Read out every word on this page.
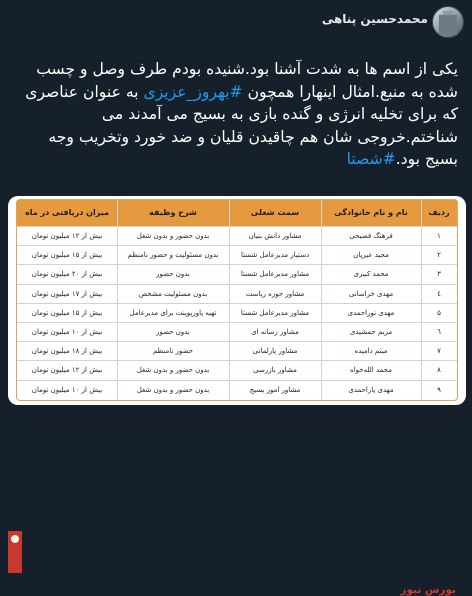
محمدحسین پناهی
یکی از اسم ها به شدت آشنا بود.شنیده بودم طرف وصل و چسب شده به منبع.امثال اینهارا همچون #بهروز_عزیزی به عنوان عناصری که برای تخلیه انرژی و گنده بازی به بسیج می آمدند می شناختم.خروجی شان هم چاقیدن قلیان و ضد خورد وتخریب وجه بسیج بود.#شصتا
ردیف
نام و نام خانوادگی
سمت شغلی
شرح وظیفه
میزان دریافتی در ماه
۱
فرهنگ فصیحی
مشاور دانش بنیان
بدون حضور و بدون شغل
بیش از ۱۲ میلیون تومان
۲
مجید عیرپان
دستیار مدیرعامل شستا
بدون مسئولیت و حضور نامنظم
بیش از ۱۵ میلیون تومان
۳
محمد کبیری
مشاور مدیرعامل شستا
بدون حضور
بیش از ۲۰ میلیون تومان
٤
مهدی خراسانی
مشاور حوزه ریاست
بدون مسئولیت مشخص
بیش از ۱۷ میلیون تومان
۵
مهدی نوراحمدی
مشاور مدیرعامل شستا
تهیه پاورپوینت برای مدیرعامل
بیش از ۱۵ میلیون تومان
٦
مریم جمشیدی
مشاور رسانه ای
بدون حضور
بیش از ۱۰ میلیون تومان
۷
میثم دامیده
مشاور پارلمانی
حضور نامنظم
بیش از ۱۸ میلیون تومان
۸
محمد الله‌خواه
مشاور بازرسی
بدون حضور و بدون شغل
بیش از ۱۲ میلیون تومان
۹
مهدی پاراحمدی
مشاور امور بسیج
بدون حضور و بدون شغل
بیش از ۱۰ میلیون تومان
بورس نیوز
